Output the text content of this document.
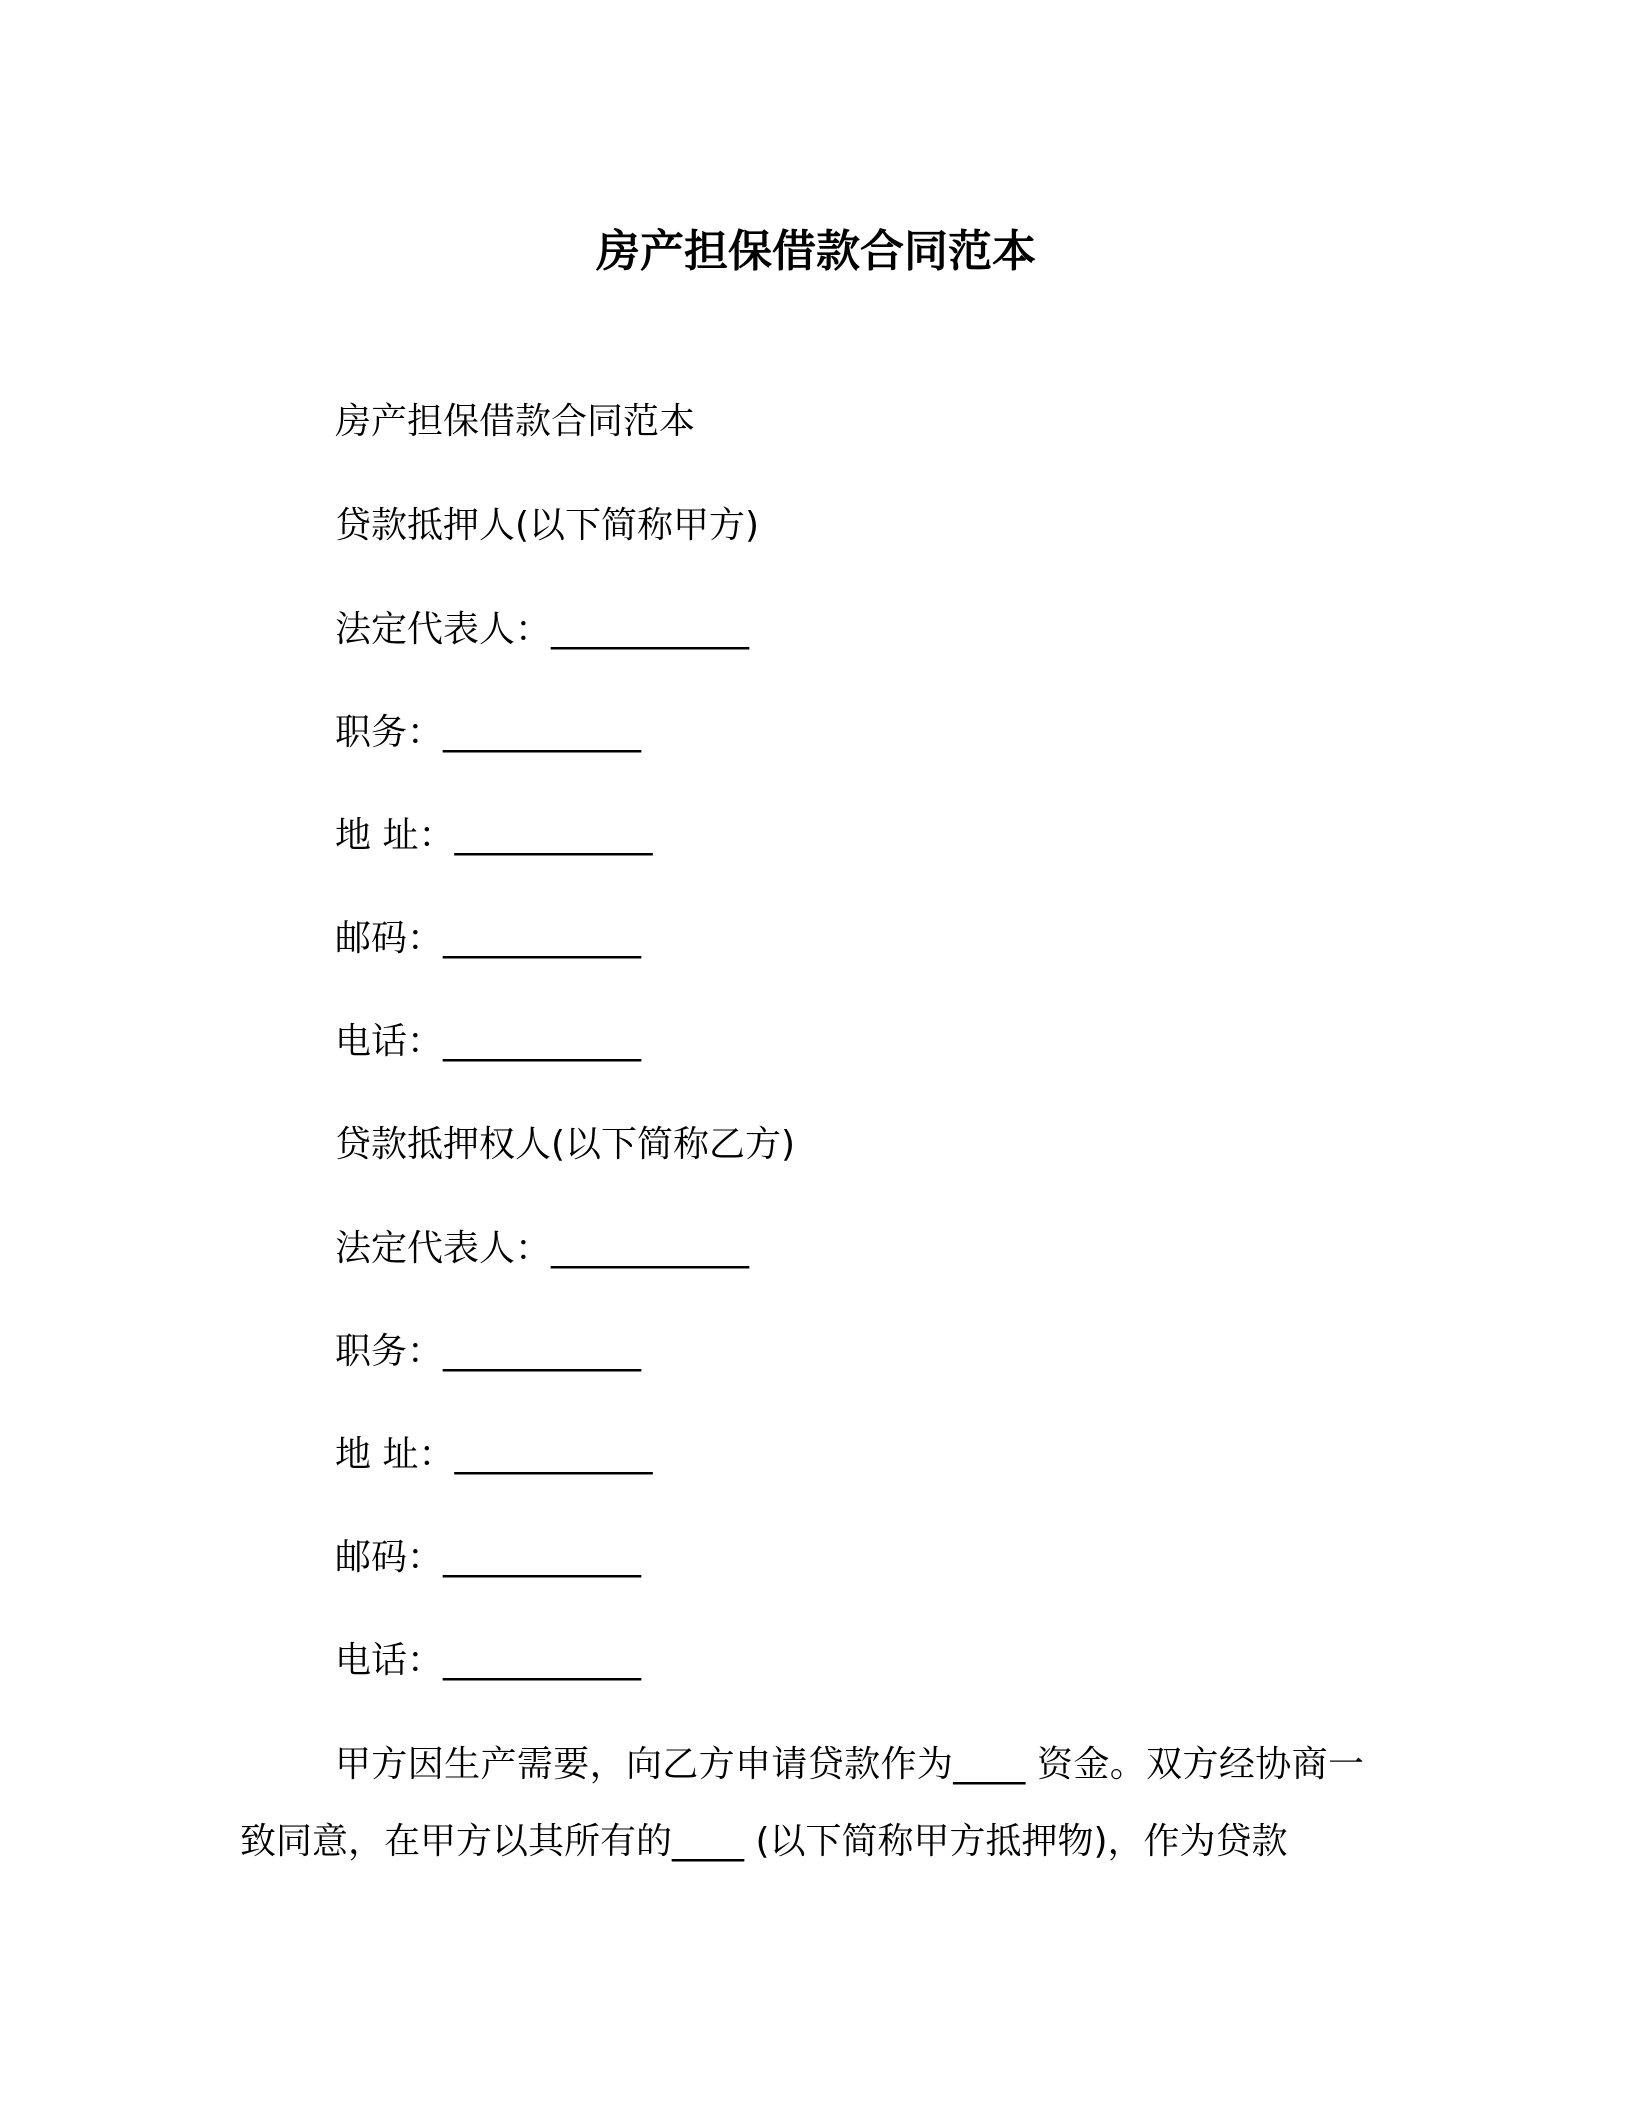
房产担保借款合同范本
房产担保借款合同范本
贷款抵押人(以下简称甲方)
法定代表人：___________
职务：___________
地 址：___________
邮码：___________
电话：___________
贷款抵押权人(以下简称乙方)
法定代表人：___________
职务：___________
地 址：___________
邮码：___________
电话：___________
甲方因生产需要，向乙方申请贷款作为____ 资金。双方经协商一致同意，在甲方以其所有的____ (以下简称甲方抵押物)，作为贷款
